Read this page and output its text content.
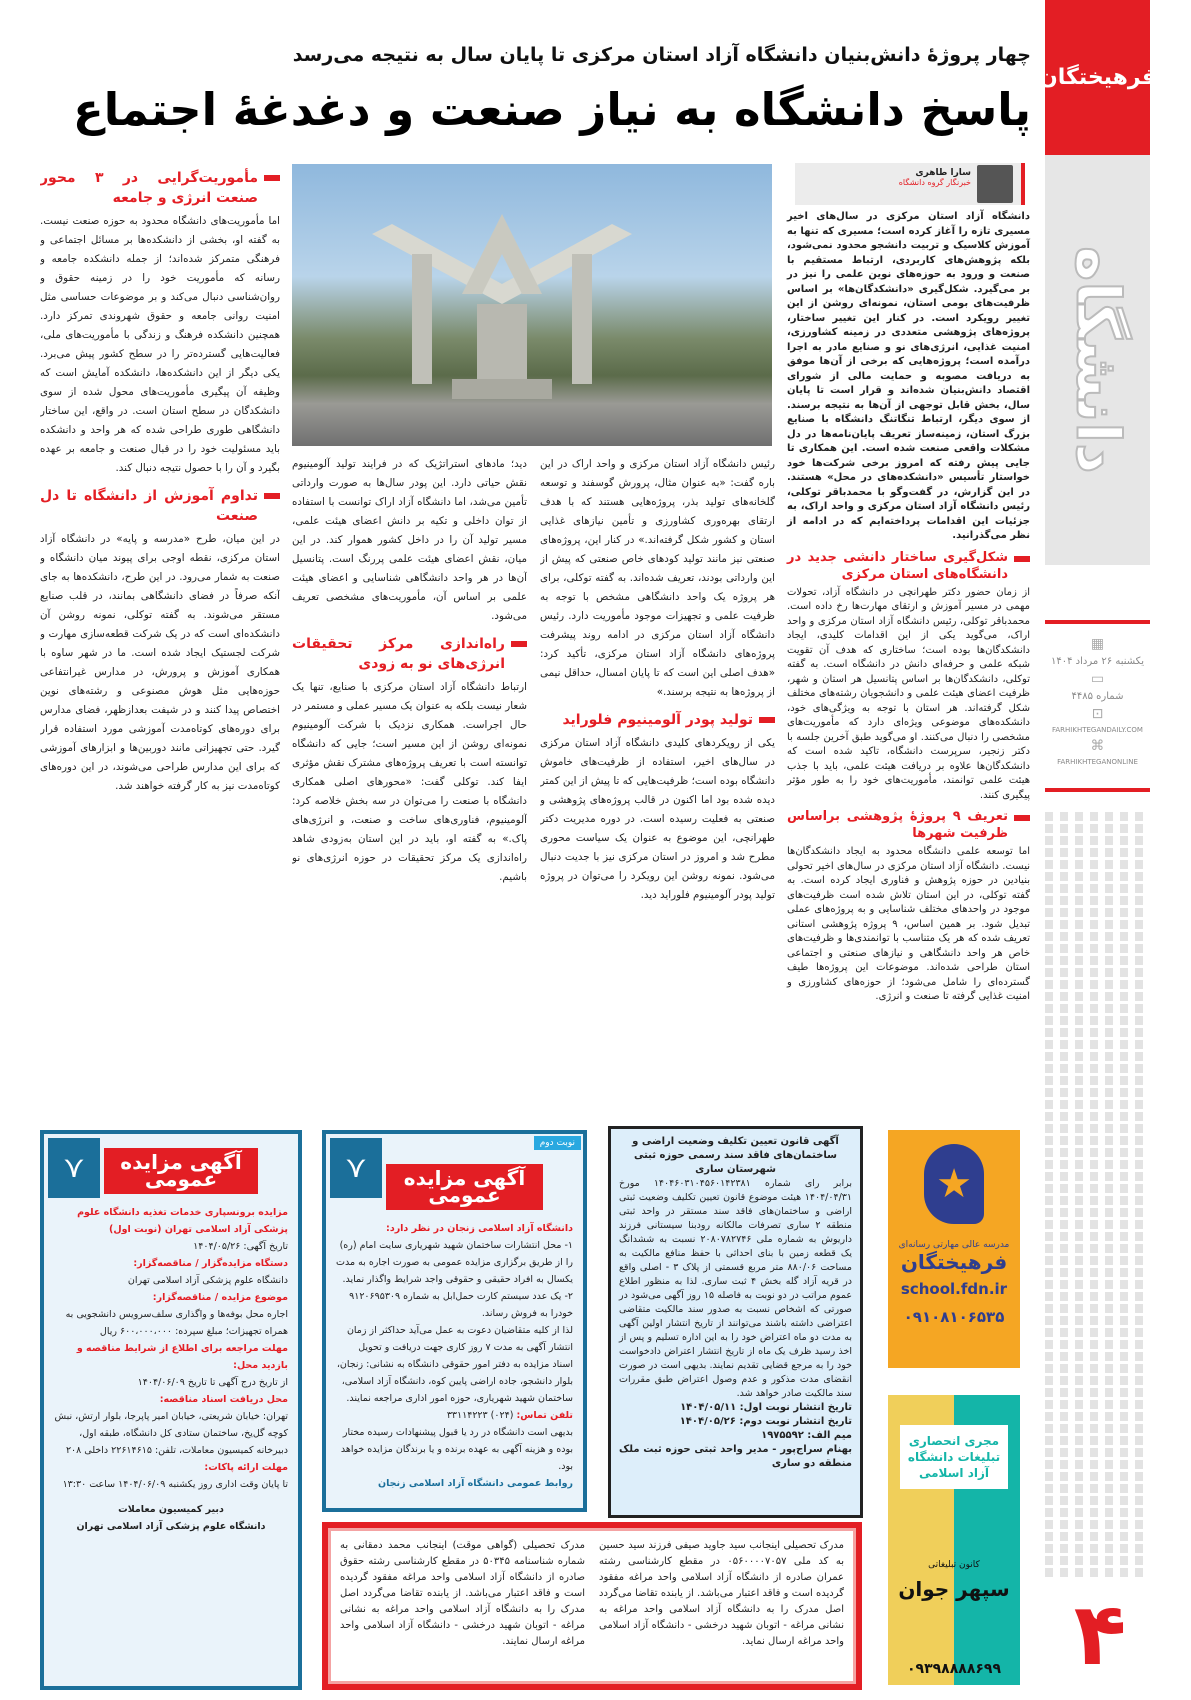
فرهیختگان
دانشگاه
▦
یکشنبه ۲۶ مرداد ۱۴۰۴
▭
شماره ۴۴۸۵
⊡
FARHIKHTEGANDAILY.COM
⌘
FARHIKHTEGANONLINE
۴
چهار پروژهٔ دانش‌بنیان دانشگاه آزاد استان مرکزی تا پایان سال به نتیجه می‌رسد
پاسخ دانشگاه به نیاز صنعت و دغدغهٔ اجتماع
سارا طاهری
خبرنگار گروه دانشگاه

دانشگاه آزاد استان مرکزی در سال‌های اخیر مسیری تازه را آغاز کرده است؛ مسیری که تنها به آموزش کلاسیک و تربیت دانشجو محدود نمی‌شود، بلکه پژوهش‌های کاربردی، ارتباط مستقیم با صنعت و ورود به حوزه‌های نوین علمی را نیز در بر می‌گیرد. شکل‌گیری «دانشکدگان‌ها» بر اساس ظرفیت‌های بومی استان، نمونه‌ای روشن از این تغییر رویکرد است. در کنار این تغییر ساختار، پروژه‌های پژوهشی متعددی در زمینه کشاورزی، امنیت غذایی، انرژی‌های نو و صنایع مادر به اجرا درآمده است؛ پروژه‌هایی که برخی از آن‌ها موفق به دریافت مصوبه و حمایت مالی از شورای اقتصاد دانش‌بنیان شده‌اند و قرار است تا پایان سال، بخش قابل توجهی از آن‌ها به نتیجه برسند. از سوی دیگر، ارتباط تنگاتنگ دانشگاه با صنایع بزرگ استان، زمینه‌ساز تعریف پایان‌نامه‌ها در دل مشکلات واقعی صنعت شده است. این همکاری تا جایی پیش رفته که امروز برخی شرکت‌ها خود خواستار تأسیس «دانشکده‌های در محل» هستند. در این گزارش، در گفت‌وگو با محمدباقر توکلی، رئیس دانشگاه آزاد استان مرکزی و واحد اراک، به جزئیات این اقدامات پرداخته‌ایم که در ادامه از نظر می‌گذرانید.

شکل‌گیری ساختار دانشی جدید در دانشگاه‌های استان مرکزی

از زمان حضور دکتر طهرانچی در دانشگاه آزاد، تحولات مهمی در مسیر آموزش و ارتقای مهارت‌ها رخ داده است. محمدباقر توکلی، رئیس دانشگاه آزاد استان مرکزی و واحد اراک، می‌گوید یکی از این اقدامات کلیدی، ایجاد دانشکدگان‌ها بوده است؛ ساختاری که هدف آن تقویت شبکه علمی و حرفه‌ای دانش در دانشگاه است. به گفته توکلی، دانشکدگان‌ها بر اساس پتانسیل هر استان و شهر، ظرفیت اعضای هیئت علمی و دانشجویان رشته‌های مختلف شکل گرفته‌اند. هر استان با توجه به ویژگی‌های خود، دانشکده‌های موضوعی ویژه‌ای دارد که مأموریت‌های مشخصی را دنبال می‌کنند. او می‌گوید طبق آخرین جلسه با دکتر زنجیر، سرپرست دانشگاه، تاکید شده است که دانشکدگان‌ها علاوه بر دریافت هیئت علمی، باید با جذب هیئت علمی توانمند، مأموریت‌های خود را به طور مؤثر پیگیری کنند.

تعریف ۹ پروژهٔ پژوهشی براساس ظرفیت شهرها

اما توسعه علمی دانشگاه محدود به ایجاد دانشکدگان‌ها نیست. دانشگاه آزاد استان مرکزی در سال‌های اخیر تحولی بنیادین در حوزه پژوهش و فناوری ایجاد کرده است. به گفته توکلی، در این استان تلاش شده است ظرفیت‌های موجود در واحدهای مختلف شناسایی و به پروژه‌های عملی تبدیل شود. بر همین اساس، ۹ پروژه پژوهشی استانی تعریف شده که هر یک متناسب با توانمندی‌ها و ظرفیت‌های خاص هر واحد دانشگاهی و نیازهای صنعتی و اجتماعی استان طراحی شده‌اند. موضوعات این پروژه‌ها طیف گسترده‌ای را شامل می‌شود؛ از حوزه‌های کشاورزی و امنیت غذایی گرفته تا صنعت و انرژی.

رئیس دانشگاه آزاد استان مرکزی و واحد اراک در این باره گفت: «به عنوان مثال، پرورش گوسفند و توسعه گلخانه‌های تولید بذر، پروژه‌هایی هستند که با هدف ارتقای بهره‌وری کشاورزی و تأمین نیازهای غذایی استان و کشور شکل گرفته‌اند.» در کنار این، پروژه‌های صنعتی نیز مانند تولید کود‌های خاص صنعتی که پیش از این وارداتی بودند، تعریف شده‌اند. به گفته توکلی، برای هر پروژه یک واحد دانشگاهی مشخص با توجه به ظرفیت علمی و تجهیزات موجود مأموریت دارد. رئیس دانشگاه آزاد استان مرکزی در ادامه روند پیشرفت پروژه‌های دانشگاه آزاد استان مرکزی، تأکید کرد: «هدف اصلی این است که تا پایان امسال، حداقل نیمی از پروژه‌ها به نتیجه برسند.»

تولید پودر آلومینیوم فلوراید

یکی از رویکردهای کلیدی دانشگاه آزاد استان مرکزی در سال‌های اخیر، استفاده از ظرفیت‌های خاموش دانشگاه بوده است؛ ظرفیت‌هایی که تا پیش از این کمتر دیده شده بود اما اکنون در قالب پروژه‌های پژوهشی و صنعتی به فعلیت رسیده است. در دوره مدیریت دکتر طهرانچی، این موضوع به عنوان یک سیاست محوری مطرح شد و امروز در استان مرکزی نیز با جدیت دنبال می‌شود. نمونه روشن این رویکرد را می‌توان در پروژه تولید پودر آلومینیوم فلوراید دید.

دید؛ مادهای استراتژیک که در فرایند تولید آلومینیوم نقش حیاتی دارد. این پودر سال‌ها به صورت وارداتی تأمین می‌شد، اما دانشگاه آزاد اراک توانست با استفاده از توان داخلی و تکیه بر دانش اعضای هیئت علمی، مسیر تولید آن را در داخل کشور هموار کند. در این میان، نقش اعضای هیئت علمی پررنگ است. پتانسیل آن‌ها در هر واحد دانشگاهی شناسایی و اعضای هیئت علمی بر اساس آن، مأموریت‌های مشخصی تعریف می‌شود.

راه‌اندازی مرکز تحقیقات انرژی‌های نو به زودی

ارتباط دانشگاه آزاد استان مرکزی با صنایع، تنها یک شعار نیست بلکه به عنوان یک مسیر عملی و مستمر در حال اجراست. همکاری نزدیک با شرکت آلومینیوم نمونه‌ای روشن از این مسیر است؛ جایی که دانشگاه توانسته است با تعریف پروژه‌های مشترک نقش مؤثری ایفا کند. توکلی گفت: «محورهای اصلی همکاری دانشگاه با صنعت را می‌توان در سه بخش خلاصه کرد: آلومینیوم، فناوری‌های ساخت و صنعت، و انرژی‌های پاک.» به گفته او، باید در این استان به‌زودی شاهد راه‌اندازی یک مرکز تحقیقات در حوزه انرژی‌های نو باشیم.

مأموریت‌گرایی در ۳ محور صنعت انرژی و جامعه

اما مأموریت‌های دانشگاه محدود به حوزه صنعت نیست. به گفته او، بخشی از دانشکده‌ها بر مسائل اجتماعی و فرهنگی متمرکز شده‌اند؛ از جمله دانشکده جامعه و رسانه که مأموریت خود را در زمینه حقوق و روان‌شناسی دنبال می‌کند و بر موضوعات حساسی مثل امنیت روانی جامعه و حقوق شهروندی تمرکز دارد. همچنین دانشکده فرهنگ و زندگی با مأموریت‌های ملی، فعالیت‌هایی گسترده‌تر را در سطح کشور پیش می‌برد. یکی دیگر از این دانشکده‌ها، دانشکده آمایش است که وظیفه آن پیگیری مأموریت‌های محول شده از سوی دانشکدگان در سطح استان است. در واقع، این ساختار دانشگاهی طوری طراحی شده که هر واحد و دانشکده باید مسئولیت خود را در قبال صنعت و جامعه بر عهده بگیرد و آن را با حصول نتیجه دنبال کند.

تداوم آموزش از دانشگاه تا دل صنعت

در این میان، طرح «مدرسه و پایه» در دانشگاه آزاد استان مرکزی، نقطه اوجی برای پیوند میان دانشگاه و صنعت به شمار می‌رود. در این طرح، دانشکده‌ها به جای آنکه صرفاً در فضای دانشگاهی بمانند، در قلب صنایع مستقر می‌شوند. به گفته توکلی، نمونه روشن آن دانشکده‌ای است که در یک شرکت قطعه‌سازی مهارت و شرکت لجستیک ایجاد شده است. ما در شهر ساوه با همکاری آموزش و پرورش، در مدارس غیرانتفاعی حوزه‌هایی مثل هوش مصنوعی و رشته‌های نوین اختصاص پیدا کنند و در شیفت بعدازظهر، فضای مدارس برای دوره‌های کوتاه‌مدت آموزشی مورد استفاده قرار گیرد. حتی تجهیزاتی مانند دوربین‌ها و ابزارهای آموزشی که برای این مدارس طراحی می‌شوند، در این دوره‌های کوتاه‌مدت نیز به کار گرفته خواهند شد.

⋎	آگهی مزایده عمومی
مزایده برونسپاری خدمات تغذیه دانشگاه علوم پزشکی آزاد اسلامی تهران (نوبت اول)
تاریخ آگهی: ۱۴۰۴/۰۵/۲۶
دستگاه مزایده‌گزار / مناقصه‌گزار:
دانشگاه علوم پزشکی آزاد اسلامی تهران
موضوع مزایده / مناقصه‌گزار:
اجاره محل بوفه‌ها و واگذاری سلف‌سرویس دانشجویی به همراه تجهیزات؛ مبلغ سپرده: ۶۰۰،۰۰۰،۰۰۰ ریال
مهلت مراجعه برای اطلاع از شرایط مناقصه و بازدید محل:
از تاریخ درج آگهی تا تاریخ ۱۴۰۴/۰۶/۰۹
محل دریافت اسناد مناقصه:
تهران: خیابان شریعتی، خیابان امیر پاپرجا، بلوار ارتش، نبش کوچه گل‌یخ، ساختمان ستادی کل دانشگاه، طبقه اول، دبیرخانه کمیسیون معاملات، تلفن: ۲۲۶۱۴۶۱۵ داخلی ۲۰۸
مهلت ارائه پاکات:
تا پایان وقت اداری روز یکشنبه ۱۴۰۴/۰۶/۰۹ ساعت ۱۳:۳۰
دبیر کمیسیون معاملات
دانشگاه علوم پزشکی آزاد اسلامی تهران
⋎
نوبت دوم
آگهی مزایده عمومی
دانشگاه آزاد اسلامی زنجان در نظر دارد:
۱- محل انتشارات ساختمان شهید شهریاری سایت امام (ره) را از طریق برگزاری مزایده عمومی به صورت اجاره به مدت یکسال به افراد حقیقی و حقوقی واجد شرایط واگذار نماید.
۲- یک عدد سیستم کارت حمل‌ابل به شماره ۹۱۲۰۶۹۵۳۰۹ خودرا به فروش رساند.
لذا از کلیه متقاضیان دعوت به عمل می‌آید حداکثر از زمان انتشار آگهی به مدت ۷ روز کاری جهت دریافت و تحویل اسناد مزایده به دفتر امور حقوقی دانشگاه به نشانی: زنجان، بلوار دانشجو، جاده اراضی پایین کوه، دانشگاه آزاد اسلامی، ساختمان شهید شهریاری، حوزه امور اداری مراجعه نمایند.
تلفن تماس: (۰۲۴) ۳۳۱۱۴۲۲۳
بدیهی است دانشگاه در رد یا قبول پیشنهادات رسیده مختار بوده و هزینه آگهی به عهده برنده و یا برندگان مزایده خواهد بود.
روابط عمومی دانشگاه آزاد اسلامی زنجان
آگهی قانون تعیین تکلیف وضعیت اراضی و ساختمان‌های فاقد سند رسمی حوزه ثبتی شهرستان ساری
برابر رای شماره ۱۴۰۴۶۰۳۱۰۴۵۶۰۱۴۲۳۸۱ مورخ ۱۴۰۴/۰۴/۳۱ هیئت موضوع قانون تعیین تکلیف وضعیت ثبتی اراضی و ساختمان‌های فاقد سند مستقر در واحد ثبتی منطقه ۲ ساری تصرفات مالکانه رودبنا سیستانی فرزند داریوش به شماره ملی ۲۰۸۰۷۸۲۷۴۶ نسبت به ششدانگ یک قطعه زمین با بنای احداثی با حفظ منافع مالکیت به مساحت ۸۸۰/۰۶ متر مربع قسمتی از پلاک ۳ - اصلی واقع در قریه آزاد گله بخش ۴ ثبت ساری. لذا به منظور اطلاع عموم مراتب در دو نوبت به فاصله ۱۵ روز آگهی می‌شود در صورتی که اشخاص نسبت به صدور سند مالکیت متقاضی اعتراضی داشته باشند می‌توانند از تاریخ انتشار اولین آگهی به مدت دو ماه اعتراض خود را به این اداره تسلیم و پس از اخذ رسید ظرف یک ماه از تاریخ انتشار اعتراض دادخواست خود را به مرجع قضایی تقدیم نمایند. بدیهی است در صورت انقضای مدت مذکور و عدم وصول اعتراض طبق مقررات سند مالکیت صادر خواهد شد.
تاریخ انتشار نوبت اول: ۱۴۰۴/۰۵/۱۱
تاریخ انتشار نوبت دوم: ۱۴۰۴/۰۵/۲۶
میم الف: ۱۹۷۵۵۹۲
بهنام سراج‌پور - مدیر واحد ثبتی حوزه ثبت ملک منطقه دو ساری
مدرک تحصیلی اینجانب سید جاوید صیفی فرزند سید حسین به کد ملی ۰۵۶۰۰۰۰۷۰۵۷ در مقطع کارشناسی رشته عمران صادره از دانشگاه آزاد اسلامی واحد مراغه مفقود گردیده است و فاقد اعتبار می‌باشد. از یابنده تقاضا می‌گردد اصل مدرک را به دانشگاه آزاد اسلامی واحد مراغه به نشانی مراغه - اتوبان شهید درخشی - دانشگاه آزاد اسلامی واحد مراغه ارسال نماید.
مدرک تحصیلی (گواهی موقت) اینجانب محمد دمقانی به شماره شناسنامه ۵۰۳۴۵ در مقطع کارشناسی رشته حقوق صادره از دانشگاه آزاد اسلامی واحد مراغه مفقود گردیده است و فاقد اعتبار می‌باشد. از یابنده تقاضا می‌گردد اصل مدرک را به دانشگاه آزاد اسلامی واحد مراغه به نشانی مراغه - اتوبان شهید درخشی - دانشگاه آزاد اسلامی واحد مراغه ارسال نمایند.
★
مدرسه عالی مهارتی رسانه‌ای
فرهیختگان
school.fdn.ir
۰۹۱۰۸۱۰۶۵۳۵
مجری انحصاری تبلیغات دانشگاه آزاد اسلامی
کانون تبلیغاتی
سپهر جوان
۰۹۳۹۸۸۸۸۶۹۹
